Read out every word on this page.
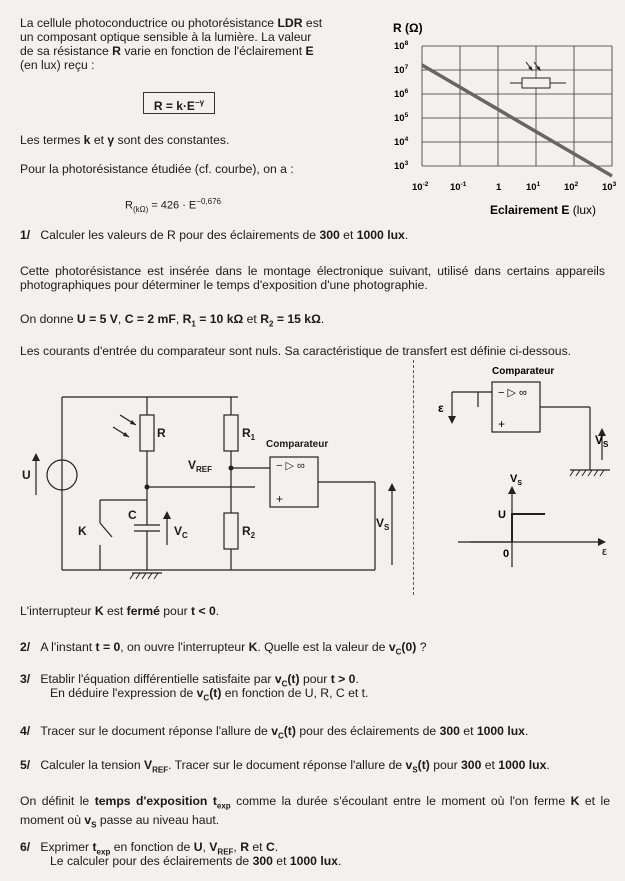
La cellule photoconductrice ou photorésistance LDR est
un composant optique sensible à la lumière. La valeur
de sa résistance R varie en fonction de l'éclairement E
(en lux) reçu :

$R = k\cdot E^{-\gamma}$

Les termes k et γ sont des constantes.

Pour la photorésistance étudiée (cf. courbe), on a :

$R_{(k\Omega)} = 426 \cdot E^{-0,676}$

R (Ω)
$10^8$
$10^7$
$10^6$
$10^5$
$10^4$
$10^3$
$10^{-2}$ $10^{-1}$	1	$10^1$	$10^2$	$10^3$
Eclairement E (lux)

1/   Calculer les valeurs de R pour des éclairements de 300 et 1000 lux.

Cette photorésistance est insérée dans le montage électronique suivant, utilisé dans certains appareils photographiques pour déterminer le temps d'exposition d'une photographie.

On donne U = 5 V, C = 2 mF, $R_1 = 10$ kΩ et $R_2 = 15$ kΩ.

Les courants d'entrée du comparateur sont nuls. Sa caractéristique de transfert est définie ci-dessous.

R	$R_1$
$R_2$
U
K
C
$V_C$
$V_{REF}$
$V_S$
Comparateur
− ▷ ∞
+
Comparateur
ε
$V_S$
− ▷ ∞
+
$V_S$
U
0	ε

L'interrupteur K est fermé pour t < 0.

2/   A l'instant t = 0, on ouvre l'interrupteur K. Quelle est la valeur de $v_C(0)$ ?

3/   Etablir l'équation différentielle satisfaite par $v_C(t)$ pour t > 0.

En déduire l'expression de $v_C(t)$ en fonction de U, R, C et t.

4/   Tracer sur le document réponse l'allure de $v_C(t)$ pour des éclairements de 300 et 1000 lux.

5/   Calculer la tension $V_{REF}$. Tracer sur le document réponse l'allure de $v_S(t)$ pour 300 et 1000 lux.

On définit le temps d'exposition $t_{exp}$ comme la durée s'écoulant entre le moment où l'on ferme K et le moment où $v_S$ passe au niveau haut.

6/   Exprimer $t_{exp}$ en fonction de U, $V_{REF}$, R et C.

Le calculer pour des éclairements de 300 et 1000 lux.
